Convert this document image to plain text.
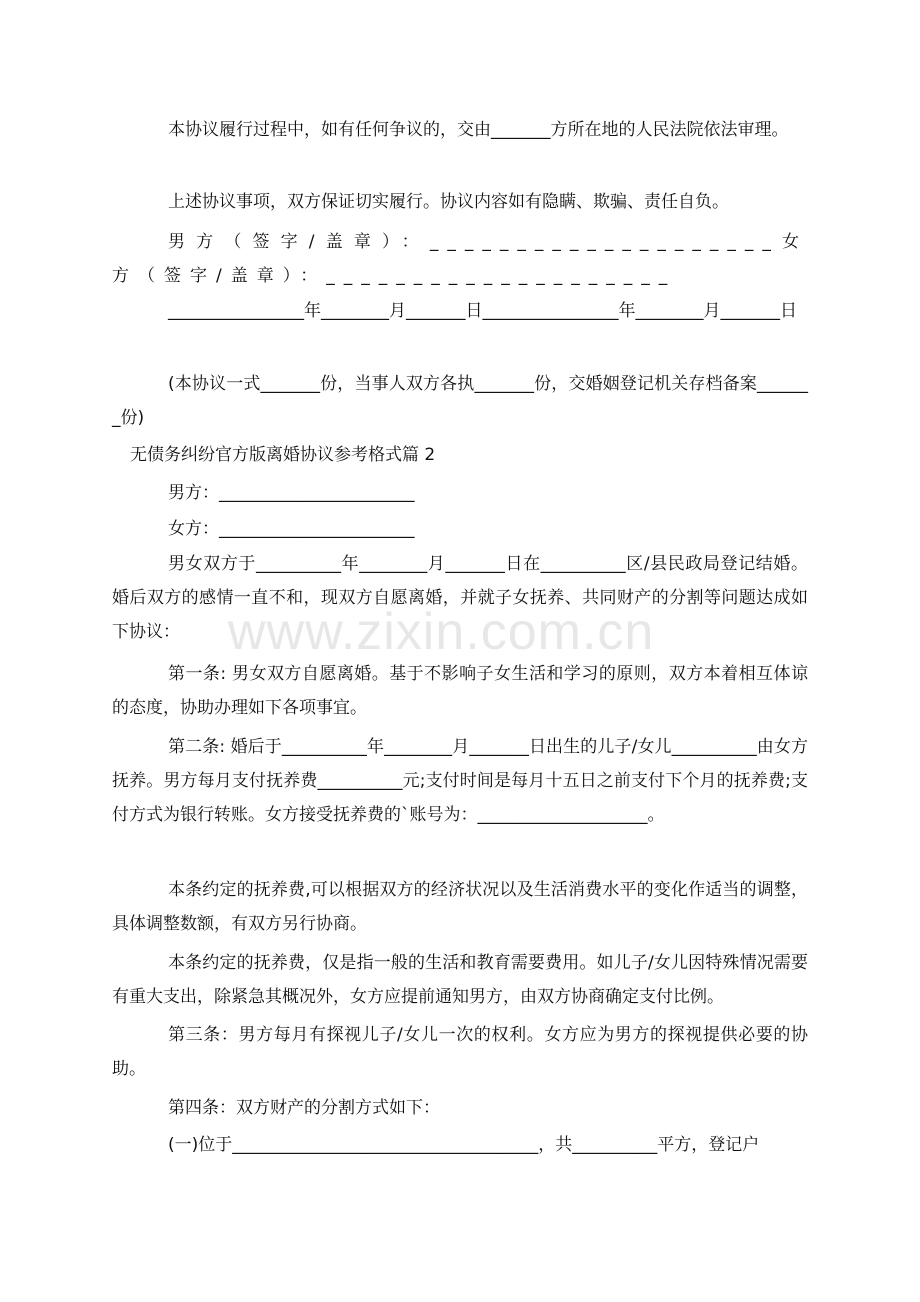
www.zixin.com.cn

本协议履行过程中，如有任何争议的，交由_______方所在地的人民法院依法审理。

上述协议事项，双方保证切实履行。协议内容如有隐瞒、欺骗、责任自负。

男方（签字/盖章）：____________________女方（签字/盖章）：____________________

________________年________月_______日________________年________月_______日

(本协议一式_______份，当事人双方各执_______份，交婚姻登记机关存档备案_______份)

无债务纠纷官方版离婚协议参考格式篇 2

男方：_______________________

女方：_______________________

男女双方于__________年________月_______日在__________区/县民政局登记结婚。婚后双方的感情一直不和，现双方自愿离婚，并就子女抚养、共同财产的分割等问题达成如下协议：

第一条: 男女双方自愿离婚。基于不影响子女生活和学习的原则，双方本着相互体谅的态度，协助办理如下各项事宜。

第二条: 婚后于__________年________月_______日出生的儿子/女儿__________由女方抚养。男方每月支付抚养费__________元;支付时间是每月十五日之前支付下个月的抚养费;支付方式为银行转账。女方接受抚养费的`账号为：____________________。

本条约定的抚养费,可以根据双方的经济状况以及生活消费水平的变化作适当的调整，具体调整数额，有双方另行协商。

本条约定的抚养费，仅是指一般的生活和教育需要费用。如儿子/女儿因特殊情况需要有重大支出，除紧急其概况外，女方应提前通知男方，由双方协商确定支付比例。

第三条：男方每月有探视儿子/女儿一次的权利。女方应为男方的探视提供必要的协助。

第四条：双方财产的分割方式如下：

(一)位于____________________________________，共__________平方，登记户
